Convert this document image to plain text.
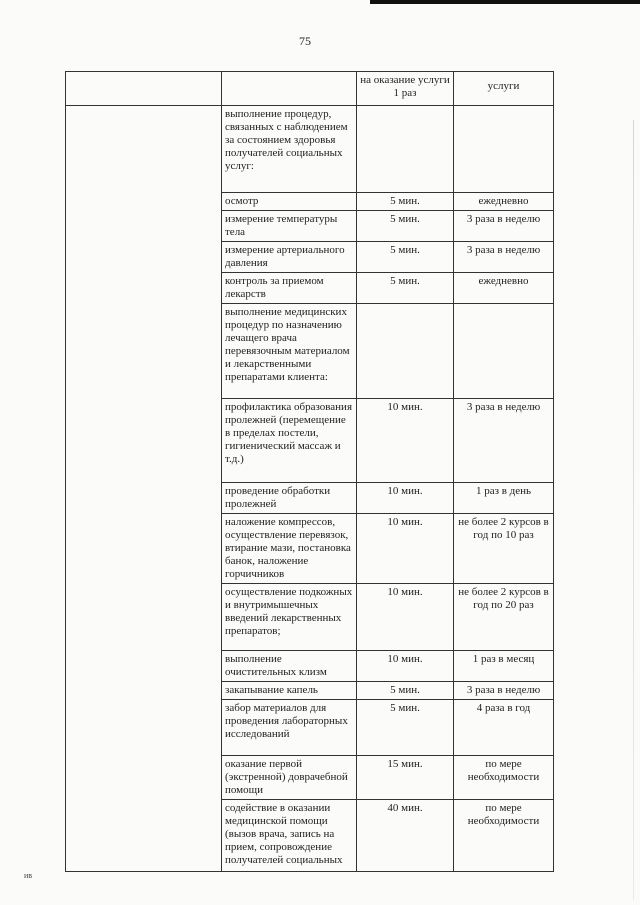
75
		на оказание услуги 1 раз	услуги
	выполнение процедур, связанных с наблюдением за состоянием здоровья получателей социальных услуг:		
	осмотр	5 мин.	ежедневно
	измерение температуры тела	5 мин.	3 раза в неделю
	измерение артериального давления	5 мин.	3 раза в неделю
	контроль за приемом лекарств	5 мин.	ежедневно
	выполнение медицинских процедур по назначению лечащего врача перевязочным материалом и лекарственными препаратами клиента:		
	профилактика образования пролежней (перемещение в пределах постели, гигиенический массаж и т.д.)	10 мин.	3 раза в неделю
	проведение обработки пролежней	10 мин.	1 раз в день
	наложение компрессов, осуществление перевязок, втирание мази, постановка банок, наложение горчичников	10 мин.	не более 2 курсов в год по 10 раз
	осуществление подкожных и внутримышечных введений лекарственных препаратов;	10 мин.	не более 2 курсов в год по 20 раз
	выполнение очистительных клизм	10 мин.	1 раз в месяц
	закапывание капель	5 мин.	3 раза в неделю
	забор материалов для проведения лабораторных исследований	5 мин.	4 раза в год
	оказание первой (экстренной) доврачебной помощи	15 мин.	по мере необходимости
	содействие в оказании медицинской помощи (вызов врача, запись на прием, сопровождение получателей социальных	40 мин.	по мере необходимости
ив
